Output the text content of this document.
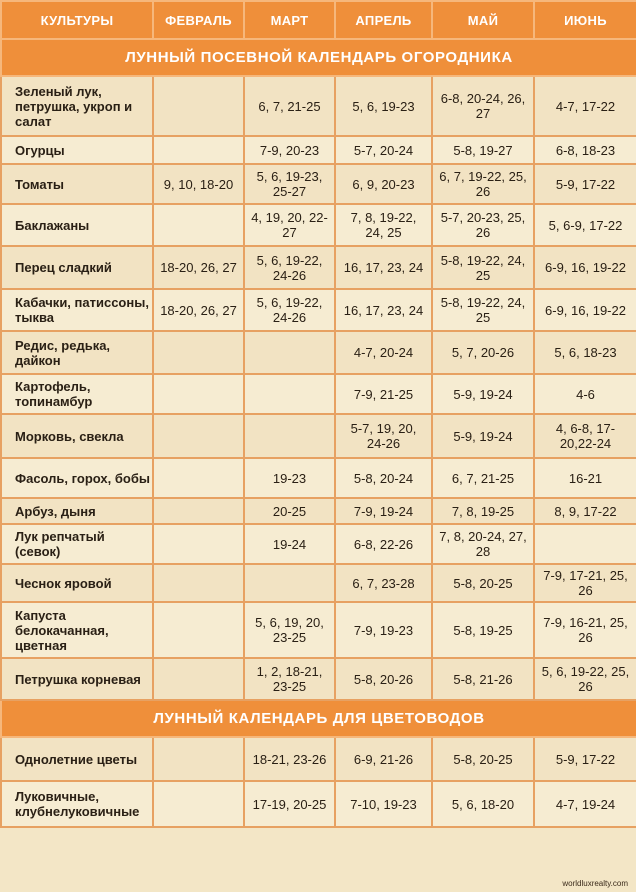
КУЛЬТУРЫ	ФЕВРАЛЬ	МАРТ	АПРЕЛЬ	МАЙ	ИЮНЬ
ЛУННЫЙ ПОСЕВНОЙ КАЛЕНДАРЬ ОГОРОДНИКА					
Зеленый лук, петрушка, укроп и салат		6, 7, 21-25	5, 6, 19-23	6-8, 20-24, 26, 27	4-7, 17-22
Огурцы		7-9, 20-23	5-7, 20-24	5-8, 19-27	6-8, 18-23
Томаты	9, 10, 18-20	5, 6, 19-23, 25-27	6, 9, 20-23	6, 7, 19-22, 25, 26	5-9, 17-22
Баклажаны		4, 19, 20, 22-27	7, 8, 19-22, 24, 25	5-7, 20-23, 25, 26	5, 6-9, 17-22
Перец сладкий	18-20, 26, 27	5, 6, 19-22, 24-26	16, 17, 23, 24	5-8, 19-22, 24, 25	6-9, 16, 19-22
Кабачки, патиссоны, тыква	18-20, 26, 27	5, 6, 19-22, 24-26	16, 17, 23, 24	5-8, 19-22, 24, 25	6-9, 16, 19-22
Редис, редька, дайкон			4-7, 20-24	5, 7, 20-26	5, 6, 18-23
Картофель, топинамбур			7-9, 21-25	5-9, 19-24	4-6
Морковь, свекла			5-7, 19, 20, 24-26	5-9, 19-24	4, 6-8, 17-20,22-24
Фасоль, горох, бобы		19-23	5-8, 20-24	6, 7, 21-25	16-21
Арбуз, дыня		20-25	7-9, 19-24	7, 8, 19-25	8, 9, 17-22
Лук репчатый (севок)		19-24	6-8, 22-26	7, 8, 20-24, 27, 28	
Чеснок яровой			6, 7, 23-28	5-8, 20-25	7-9, 17-21, 25, 26
Капуста белокачанная, цветная		5, 6, 19, 20, 23-25	7-9, 19-23	5-8, 19-25	7-9, 16-21, 25, 26
Петрушка корневая		1, 2, 18-21, 23-25	5-8, 20-26	5-8, 21-26	5, 6, 19-22, 25, 26
ЛУННЫЙ КАЛЕНДАРЬ ДЛЯ ЦВЕТОВОДОВ					
Однолетние цветы		18-21, 23-26	6-9, 21-26	5-8, 20-25	5-9, 17-22
Луковичные, клубнелуковичные		17-19, 20-25	7-10, 19-23	5, 6, 18-20	4-7, 19-24
worldluxrealty.com
